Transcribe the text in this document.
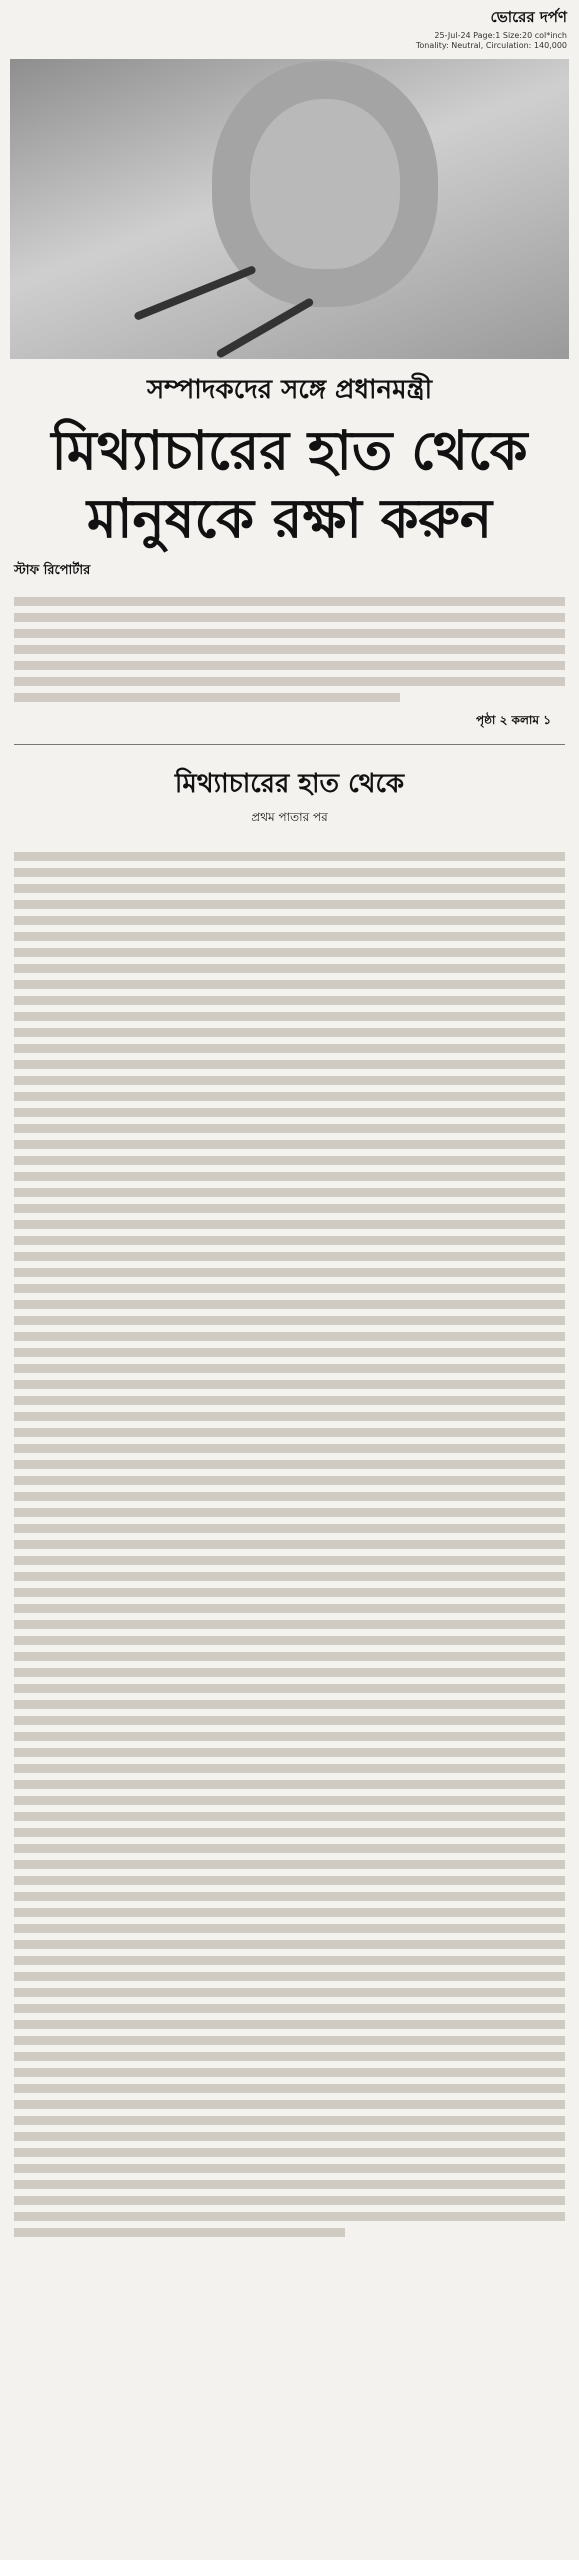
ভোরের দর্পণ
25-Jul-24 Page:1 Size:20 col*inch
Tonality: Neutral, Circulation: 140,000
সম্পাদকদের সঙ্গে প্রধানমন্ত্রী
মিথ্যাচারের হাত থেকে
মানুষকে রক্ষা করুন
স্টাফ রিপোর্টার
পৃষ্ঠা ২ কলাম ১
মিথ্যাচারের হাত থেকে
প্রথম পাতার পর
